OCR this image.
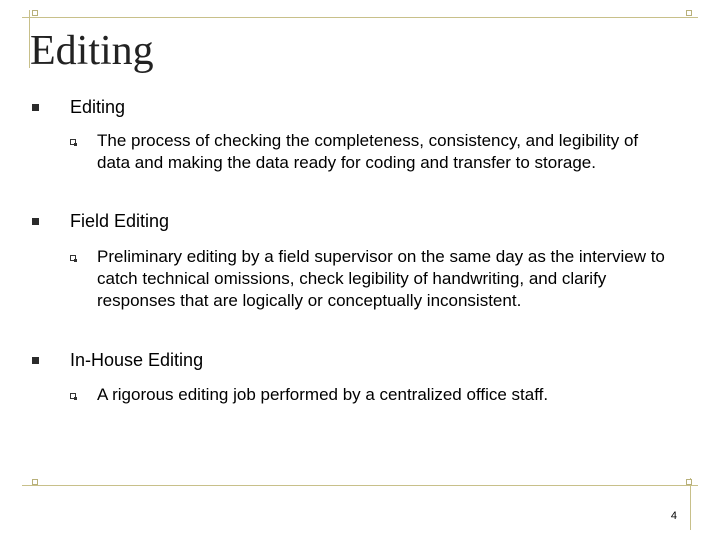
Editing
Editing
The process of checking the completeness, consistency, and legibility of data and making the data ready for coding and transfer to storage.
Field Editing
Preliminary editing by a field supervisor on the same day as the interview to catch technical omissions, check legibility of handwriting, and clarify responses that are logically or conceptually inconsistent.
In-House Editing
A rigorous editing job performed by a centralized office staff.
4
